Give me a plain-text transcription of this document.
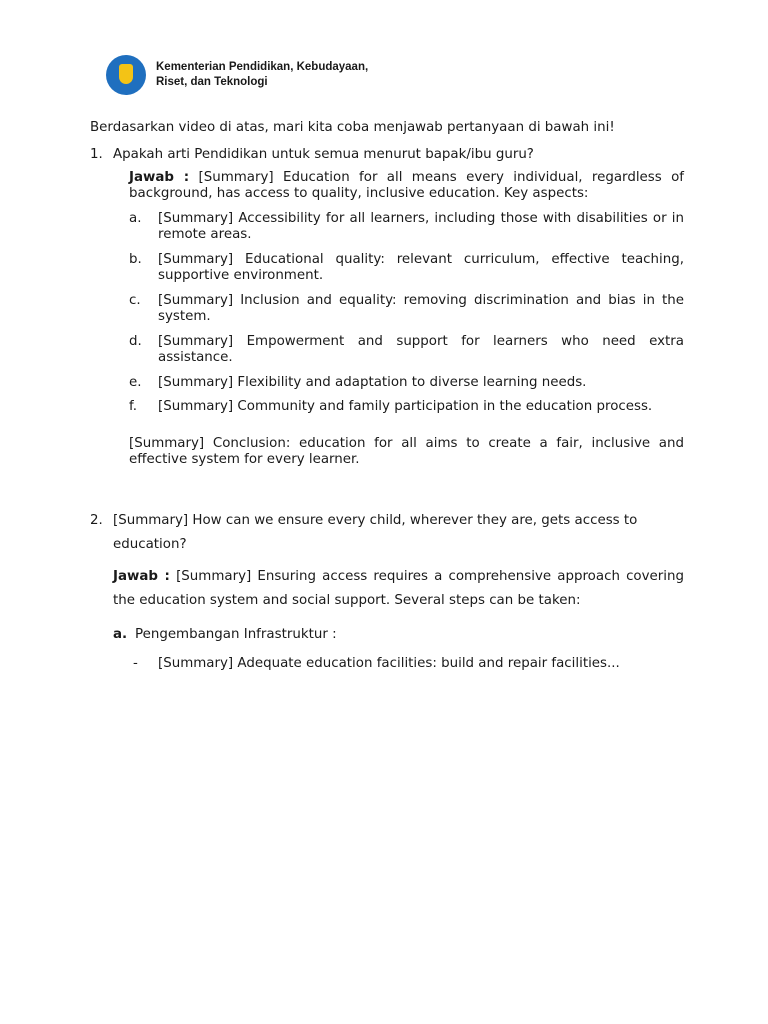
Kementerian Pendidikan, Kebudayaan, Riset, dan Teknologi

Berdasarkan video di atas, mari kita coba menjawab pertanyaan di bawah ini!

1. Apakah arti Pendidikan untuk semua menurut bapak/ibu guru?

Jawab : [Summary] Education for all means every individual, regardless of background, has access to quality, inclusive education. Key aspects:

a.	[Summary] Accessibility for all learners, including those with disabilities or in remote areas.

b.	[Summary] Educational quality: relevant curriculum, effective teaching, supportive environment.

c.	[Summary] Inclusion and equality: removing discrimination and bias in the system.

d.	[Summary] Empowerment and support for learners who need extra assistance.

e.	[Summary] Flexibility and adaptation to diverse learning needs.

f.	[Summary] Community and family participation in the education process.

[Summary] Conclusion: education for all aims to create a fair, inclusive and effective system for every learner.

2. [Summary] How can we ensure every child, wherever they are, gets access to education?

Jawab : [Summary] Ensuring access requires a comprehensive approach covering the education system and social support. Several steps can be taken:

a. Pengembangan Infrastruktur :
-	[Summary] Adequate education facilities: build and repair facilities...
